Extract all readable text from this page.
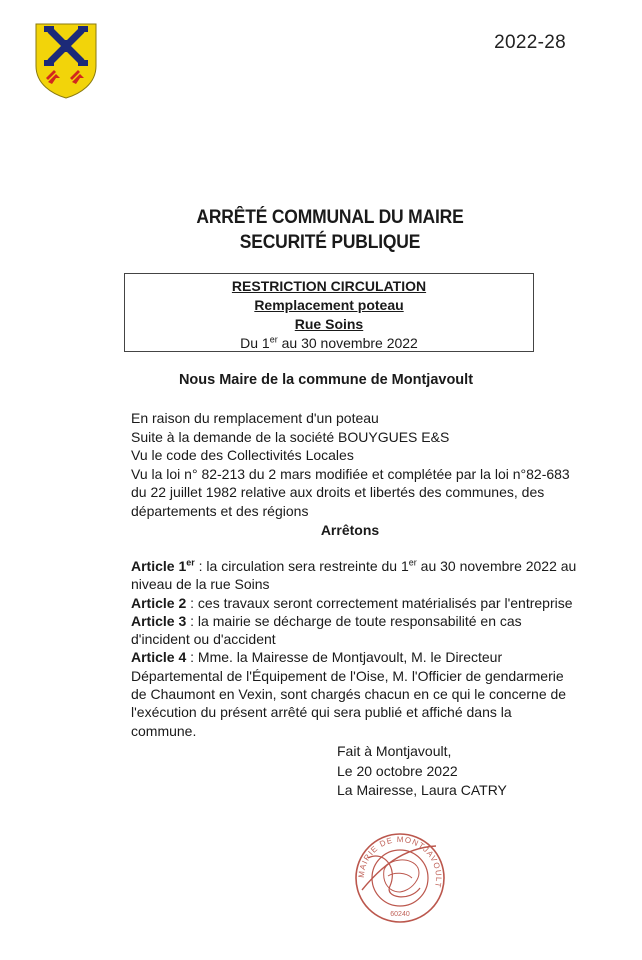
2022-28
ARRÊTÉ COMMUNAL DU MAIRE
SECURITÉ PUBLIQUE
RESTRICTION CIRCULATION
Remplacement poteau
Rue Soins
Du 1er au 30 novembre 2022
Nous Maire de la commune de Montjavoult

En raison du remplacement d'un poteau

Suite à la demande de la société BOUYGUES E&S

Vu le code des Collectivités Locales

Vu la loi n° 82-213 du 2 mars modifiée et complétée par la loi n°82-683 du 22 juillet 1982 relative aux droits et libertés des communes, des départements et des régions

Arrêtons

Article 1er : la circulation sera restreinte du 1er au 30 novembre 2022 au niveau de la rue Soins

Article 2 : ces travaux seront correctement matérialisés par l'entreprise

Article 3 : la mairie se décharge de toute responsabilité en cas d'incident ou d'accident

Article 4 : Mme. la Mairesse de Montjavoult, M. le Directeur Départemental de l'Équipement de l'Oise, M. l'Officier de gendarmerie de Chaumont en Vexin, sont chargés chacun en ce qui le concerne de l'exécution du présent arrêté qui sera publié et affiché dans la commune.

Fait à Montjavoult,

Le 20 octobre 2022

La Mairesse, Laura CATRY

MAIRIE DE MONTJAVOULT
60240
